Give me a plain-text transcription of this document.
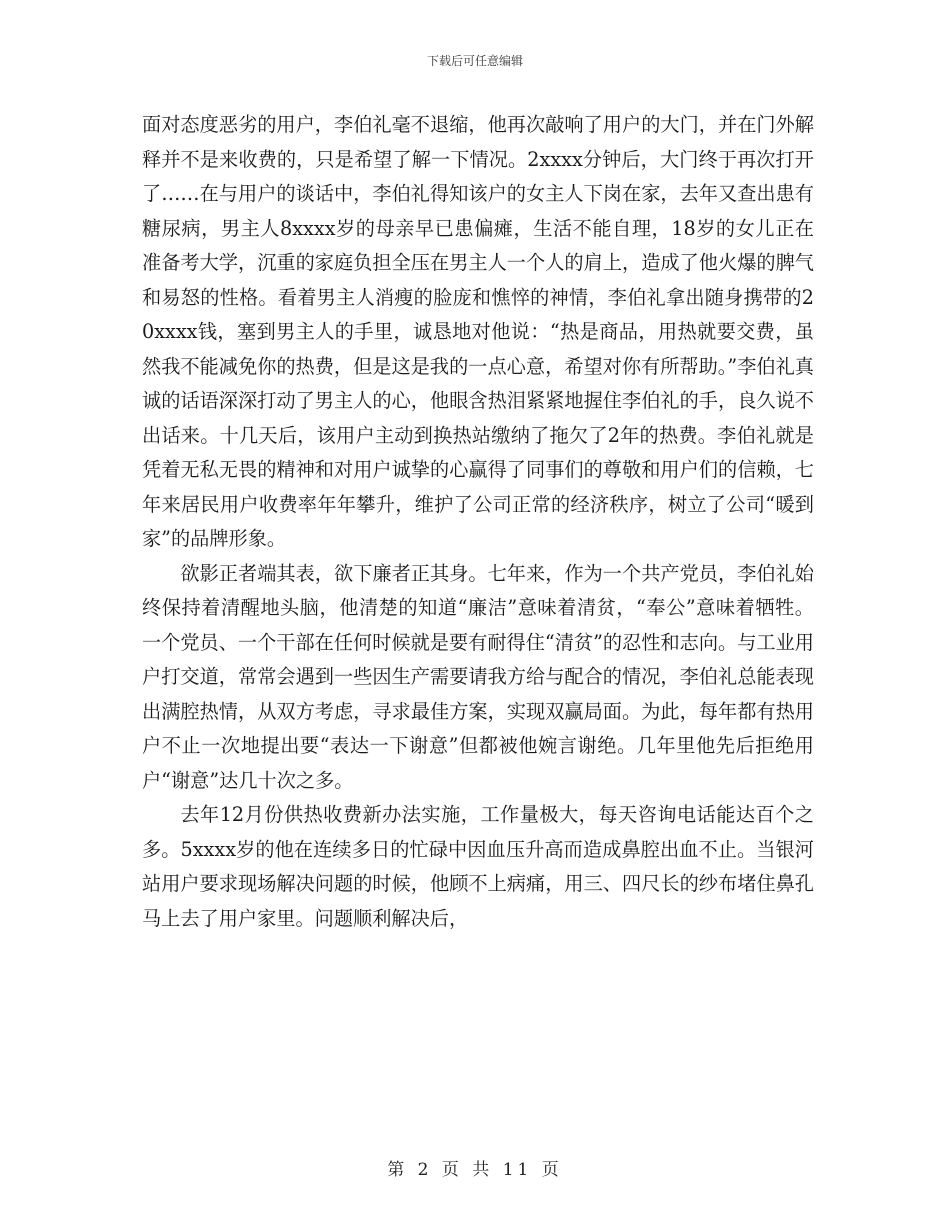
下载后可任意编辑

面对态度恶劣的用户，李伯礼毫不退缩，他再次敲响了用户的大门，并在门外解释并不是来收费的，只是希望了解一下情况。2xxxx分钟后，大门终于再次打开了……在与用户的谈话中，李伯礼得知该户的女主人下岗在家，去年又查出患有糖尿病，男主人8xxxx岁的母亲早已患偏瘫，生活不能自理，18岁的女儿正在准备考大学，沉重的家庭负担全压在男主人一个人的肩上，造成了他火爆的脾气和易怒的性格。看着男主人消瘦的脸庞和憔悴的神情，李伯礼拿出随身携带的20xxxx钱，塞到男主人的手里，诚恳地对他说：“热是商品，用热就要交费，虽然我不能减免你的热费，但是这是我的一点心意，希望对你有所帮助。”李伯礼真诚的话语深深打动了男主人的心，他眼含热泪紧紧地握住李伯礼的手，良久说不出话来。十几天后，该用户主动到换热站缴纳了拖欠了2年的热费。李伯礼就是凭着无私无畏的精神和对用户诚挚的心赢得了同事们的尊敬和用户们的信赖，七年来居民用户收费率年年攀升，维护了公司正常的经济秩序，树立了公司“暖到家”的品牌形象。

欲影正者端其表，欲下廉者正其身。七年来，作为一个共产党员，李伯礼始终保持着清醒地头脑，他清楚的知道“廉洁”意味着清贫，“奉公”意味着牺牲。一个党员、一个干部在任何时候就是要有耐得住“清贫”的忍性和志向。与工业用户打交道，常常会遇到一些因生产需要请我方给与配合的情况，李伯礼总能表现出满腔热情，从双方考虑，寻求最佳方案，实现双赢局面。为此，每年都有热用户不止一次地提出要“表达一下谢意”但都被他婉言谢绝。几年里他先后拒绝用户“谢意”达几十次之多。

去年12月份供热收费新办法实施，工作量极大，每天咨询电话能达百个之多。5xxxx岁的他在连续多日的忙碌中因血压升高而造成鼻腔出血不止。当银河站用户要求现场解决问题的时候，他顾不上病痛，用三、四尺长的纱布堵住鼻孔马上去了用户家里。问题顺利解决后，

第 2 页 共 11 页
